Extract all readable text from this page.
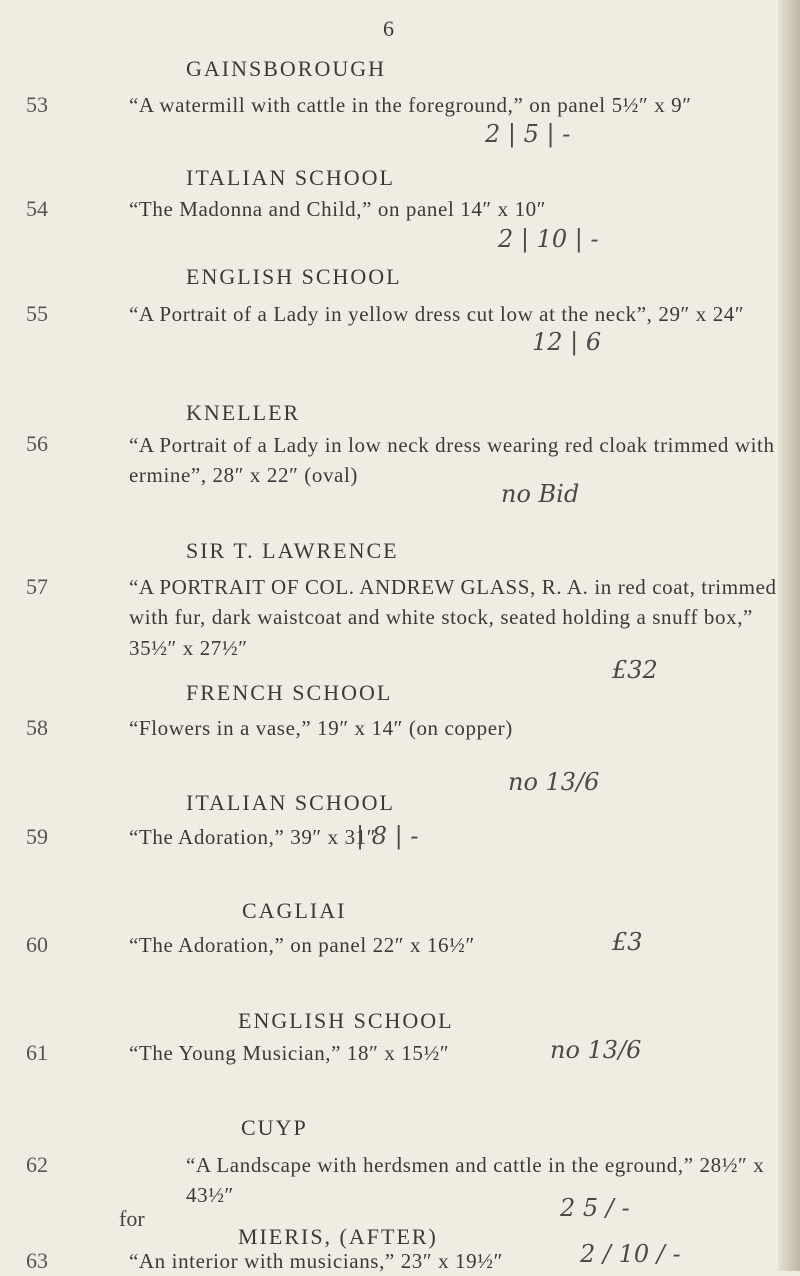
6
GAINSBOROUGH
53	“A watermill with cattle in the foreground,” on panel 5½″ x 9″
2 | 5 | -
ITALIAN SCHOOL
54	“The Madonna and Child,” on panel 14″ x 10″
2 | 10 | -
ENGLISH SCHOOL
55	“A Portrait of a Lady in yellow dress cut low at the neck”, 29″ x 24″
12 | 6
KNELLER
56	“A Portrait of a Lady in low neck dress wearing red cloak trimmed with ermine”, 28″ x 22″ (oval)
no Bid
SIR T. LAWRENCE
57	“A PORTRAIT OF COL. ANDREW GLASS, R. A. in red coat, trimmed with fur, dark waistcoat and white stock, seated holding a snuff box,” 35½″ x 27½″
£32
FRENCH SCHOOL
58	“Flowers in a vase,” 19″ x 14″ (on copper)
no 13/6
ITALIAN SCHOOL
59	“The Adoration,” 39″ x 31″
| 8 | -
CAGLIAI
60	“The Adoration,” on panel 22″ x 16½″	£3
ENGLISH SCHOOL
61	“The Young Musician,” 18″ x 15½″	no 13/6
CUYP
62	“A Landscape with herdsmen and cattle in the eground,” 28½″ x 43½″
for	2 5 / -
MIERIS, (AFTER)
63	“An interior with musicians,” 23″ x 19½″	2 / 10 / -
